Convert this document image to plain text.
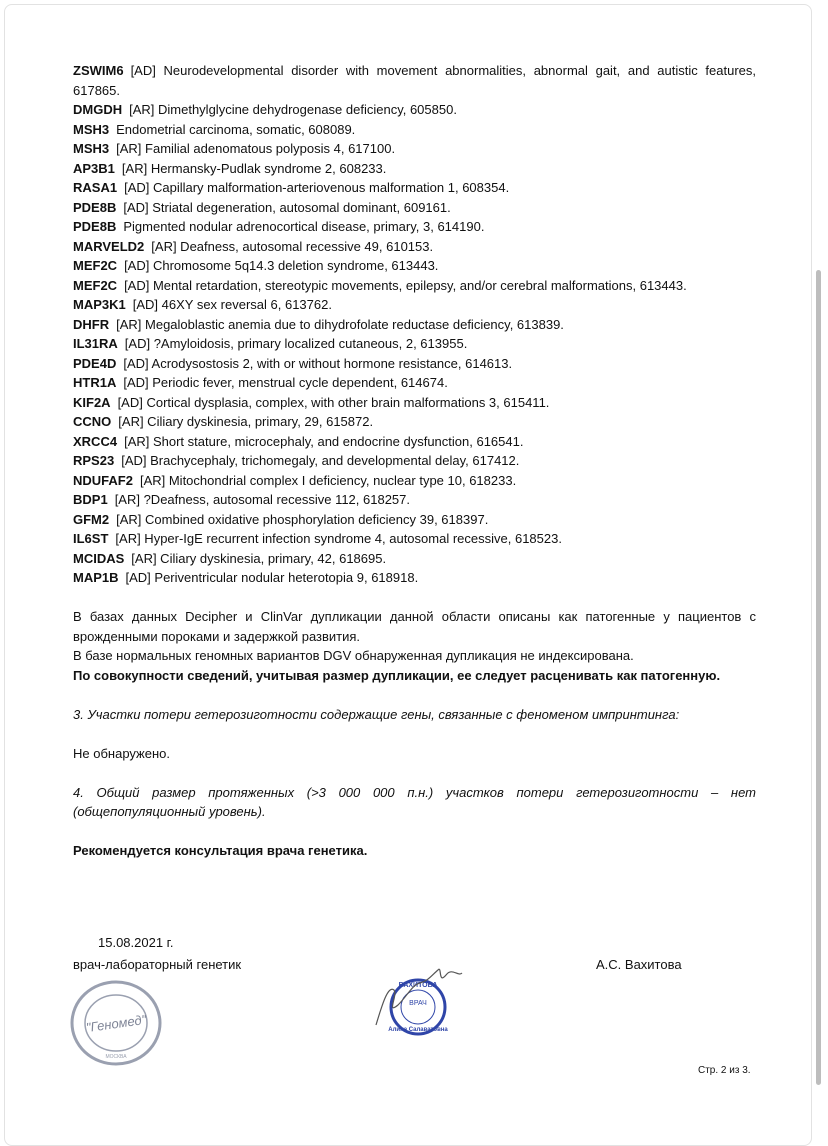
ZSWIM6 [AD] Neurodevelopmental disorder with movement abnormalities, abnormal gait, and autistic features, 617865.
DMGDH [AR] Dimethylglycine dehydrogenase deficiency, 605850.
MSH3 Endometrial carcinoma, somatic, 608089.
MSH3 [AR] Familial adenomatous polyposis 4, 617100.
AP3B1 [AR] Hermansky-Pudlak syndrome 2, 608233.
RASA1 [AD] Capillary malformation-arteriovenous malformation 1, 608354.
PDE8B [AD] Striatal degeneration, autosomal dominant, 609161.
PDE8B Pigmented nodular adrenocortical disease, primary, 3, 614190.
MARVELD2 [AR] Deafness, autosomal recessive 49, 610153.
MEF2C [AD] Chromosome 5q14.3 deletion syndrome, 613443.
MEF2C [AD] Mental retardation, stereotypic movements, epilepsy, and/or cerebral malformations, 613443.
MAP3K1 [AD] 46XY sex reversal 6, 613762.
DHFR [AR] Megaloblastic anemia due to dihydrofolate reductase deficiency, 613839.
IL31RA [AD] ?Amyloidosis, primary localized cutaneous, 2, 613955.
PDE4D [AD] Acrodysostosis 2, with or without hormone resistance, 614613.
HTR1A [AD] Periodic fever, menstrual cycle dependent, 614674.
KIF2A [AD] Cortical dysplasia, complex, with other brain malformations 3, 615411.
CCNO [AR] Ciliary dyskinesia, primary, 29, 615872.
XRCC4 [AR] Short stature, microcephaly, and endocrine dysfunction, 616541.
RPS23 [AD] Brachycephaly, trichomegaly, and developmental delay, 617412.
NDUFAF2 [AR] Mitochondrial complex I deficiency, nuclear type 10, 618233.
BDP1 [AR] ?Deafness, autosomal recessive 112, 618257.
GFM2 [AR] Combined oxidative phosphorylation deficiency 39, 618397.
IL6ST [AR] Hyper-IgE recurrent infection syndrome 4, autosomal recessive, 618523.
MCIDAS [AR] Ciliary dyskinesia, primary, 42, 618695.
MAP1B [AD] Periventricular nodular heterotopia 9, 618918.
В базах данных Decipher и ClinVar дупликации данной области описаны как патогенные у пациентов с врожденными пороками и задержкой развития.
В базе нормальных геномных вариантов DGV обнаруженная дупликация не индексирована.
По совокупности сведений, учитывая размер дупликации, ее следует расценивать как патогенную.
3. Участки потери гетерозиготности содержащие гены, связанные с феноменом импринтинга:
Не обнаружено.
4. Общий размер протяженных (>3 000 000 п.н.) участков потери гетерозиготности – нет (общепопуляционный уровень).
Рекомендуется консультация врача генетика.
15.08.2021 г.
врач-лабораторный генетик	А.С. Вахитова
"Геномед"
МОСКВА
ВРАЧ
ВАХИТОВА
Алина Салаватовна
Стр. 2 из 3.
